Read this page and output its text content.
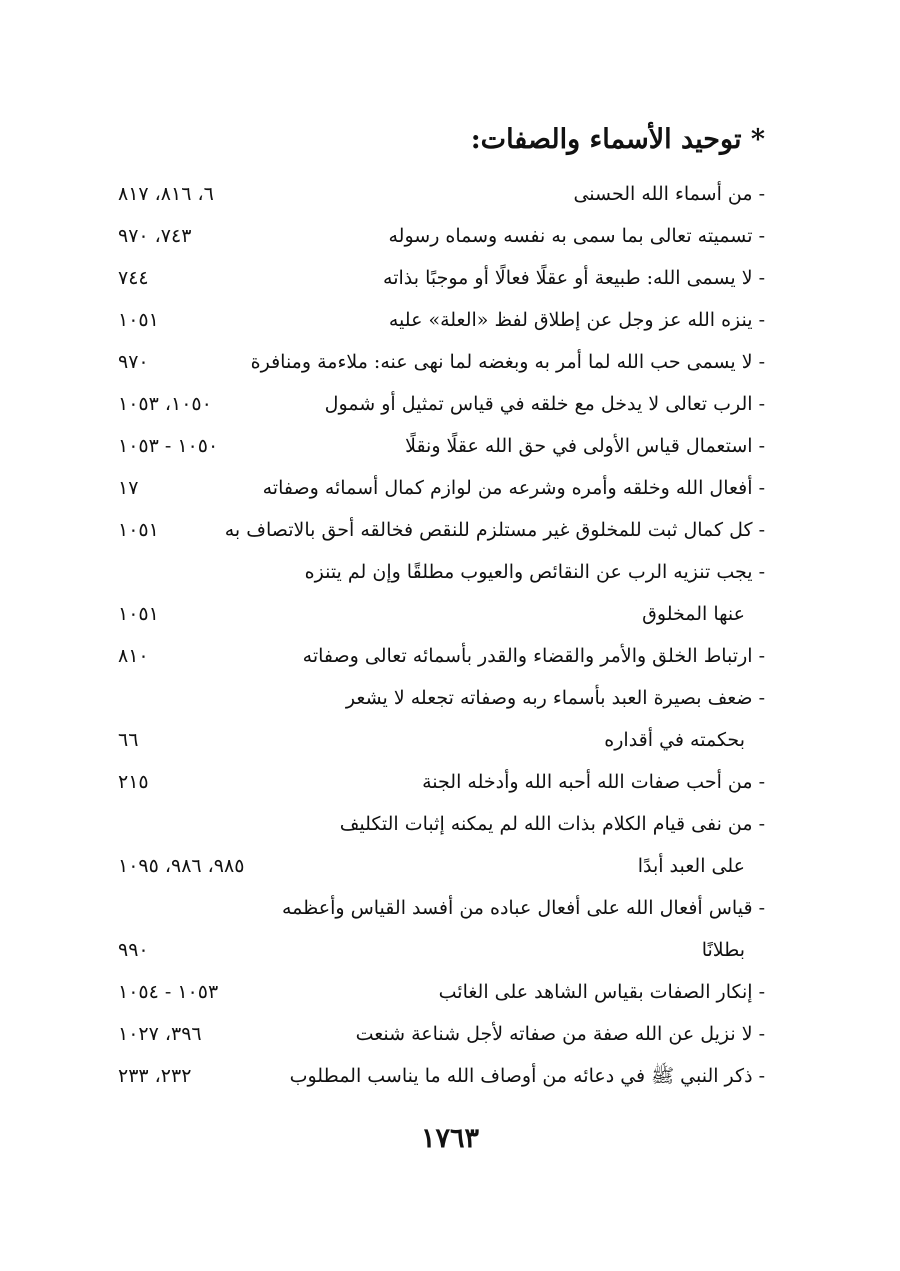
* توحيد الأسماء والصفات:
- من أسماء الله الحسنى
٦، ٨١٦، ٨١٧
- تسميته تعالى بما سمى به نفسه وسماه رسوله
٧٤٣، ٩٧٠
- لا يسمى الله: طبيعة أو عقلًا فعالًا أو موجبًا بذاته
٧٤٤
- ينزه الله عز وجل عن إطلاق لفظ «العلة» عليه
١٠٥١
- لا يسمى حب الله لما أمر به وبغضه لما نهى عنه: ملاءمة ومنافرة
٩٧٠
- الرب تعالى لا يدخل مع خلقه في قياس تمثيل أو شمول
١٠٥٠، ١٠٥٣
- استعمال قياس الأولى في حق الله عقلًا ونقلًا
١٠٥٠ - ١٠٥٣
- أفعال الله وخلقه وأمره وشرعه من لوازم كمال أسمائه وصفاته
١٧
- كل كمال ثبت للمخلوق غير مستلزم للنقص فخالقه أحق بالاتصاف به
١٠٥١
- يجب تنزيه الرب عن النقائص والعيوب مطلقًا وإن لم يتنزه
عنها المخلوق
١٠٥١
- ارتباط الخلق والأمر والقضاء والقدر بأسمائه تعالى وصفاته
٨١٠
- ضعف بصيرة العبد بأسماء ربه وصفاته تجعله لا يشعر
بحكمته في أقداره
٦٦
- من أحب صفات الله أحبه الله وأدخله الجنة
٢١٥
- من نفى قيام الكلام بذات الله لم يمكنه إثبات التكليف
على العبد أبدًا
٩٨٥، ٩٨٦، ١٠٩٥
- قياس أفعال الله على أفعال عباده من أفسد القياس وأعظمه
بطلانًا
٩٩٠
- إنكار الصفات بقياس الشاهد على الغائب
١٠٥٣ - ١٠٥٤
- لا نزيل عن الله صفة من صفاته لأجل شناعة شنعت
٣٩٦، ١٠٢٧
- ذكر النبي ﷺ في دعائه من أوصاف الله ما يناسب المطلوب
٢٣٢، ٢٣٣
١٧٦٣
